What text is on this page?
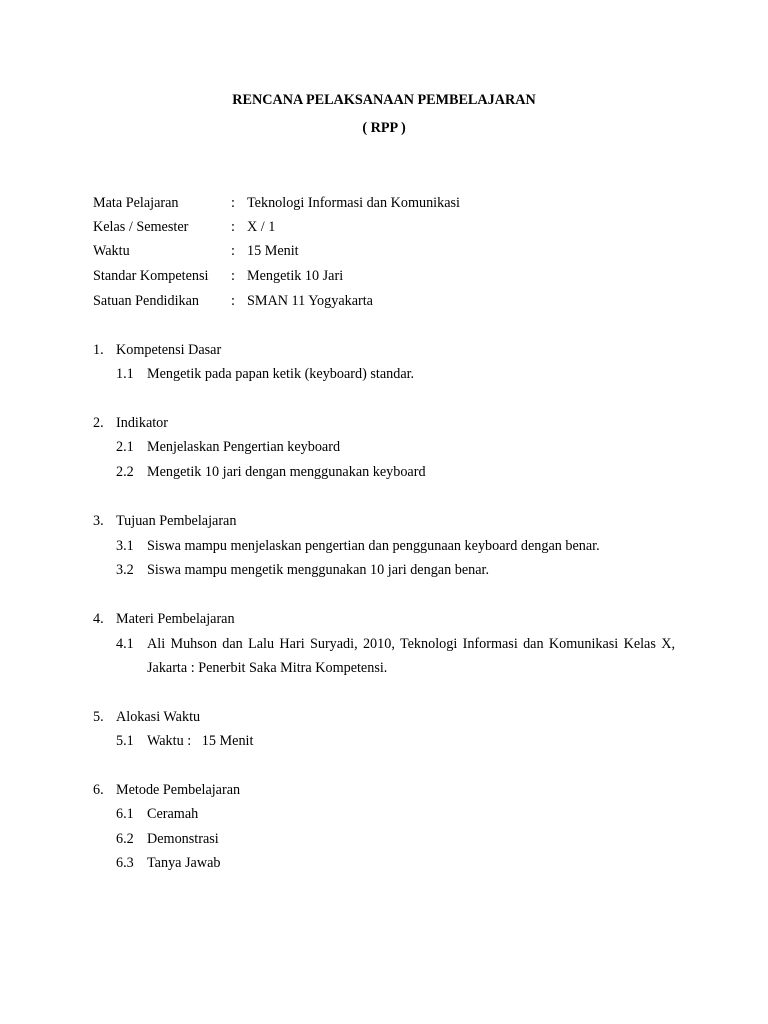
RENCANA PELAKSANAAN PEMBELAJARAN
( RPP )
Mata Pelajaran	: Teknologi Informasi dan Komunikasi
Kelas / Semester	: X / 1
Waktu	: 15 Menit
Standar Kompetensi : Mengetik 10 Jari
Satuan Pendidikan : SMAN 11 Yogyakarta
1. Kompetensi Dasar
1.1 Mengetik pada papan ketik (keyboard) standar.
2. Indikator
2.1 Menjelaskan Pengertian keyboard
2.2 Mengetik 10 jari dengan menggunakan keyboard
3. Tujuan Pembelajaran
3.1 Siswa mampu menjelaskan pengertian dan penggunaan keyboard dengan benar.
3.2 Siswa mampu mengetik menggunakan 10 jari dengan benar.
4. Materi Pembelajaran
4.1 Ali Muhson dan Lalu Hari Suryadi, 2010, Teknologi Informasi dan Komunikasi Kelas X,
Jakarta : Penerbit Saka Mitra Kompetensi.
5. Alokasi Waktu
5.1 Waktu :   15 Menit
6. Metode Pembelajaran
6.1 Ceramah
6.2 Demonstrasi
6.3 Tanya Jawab
